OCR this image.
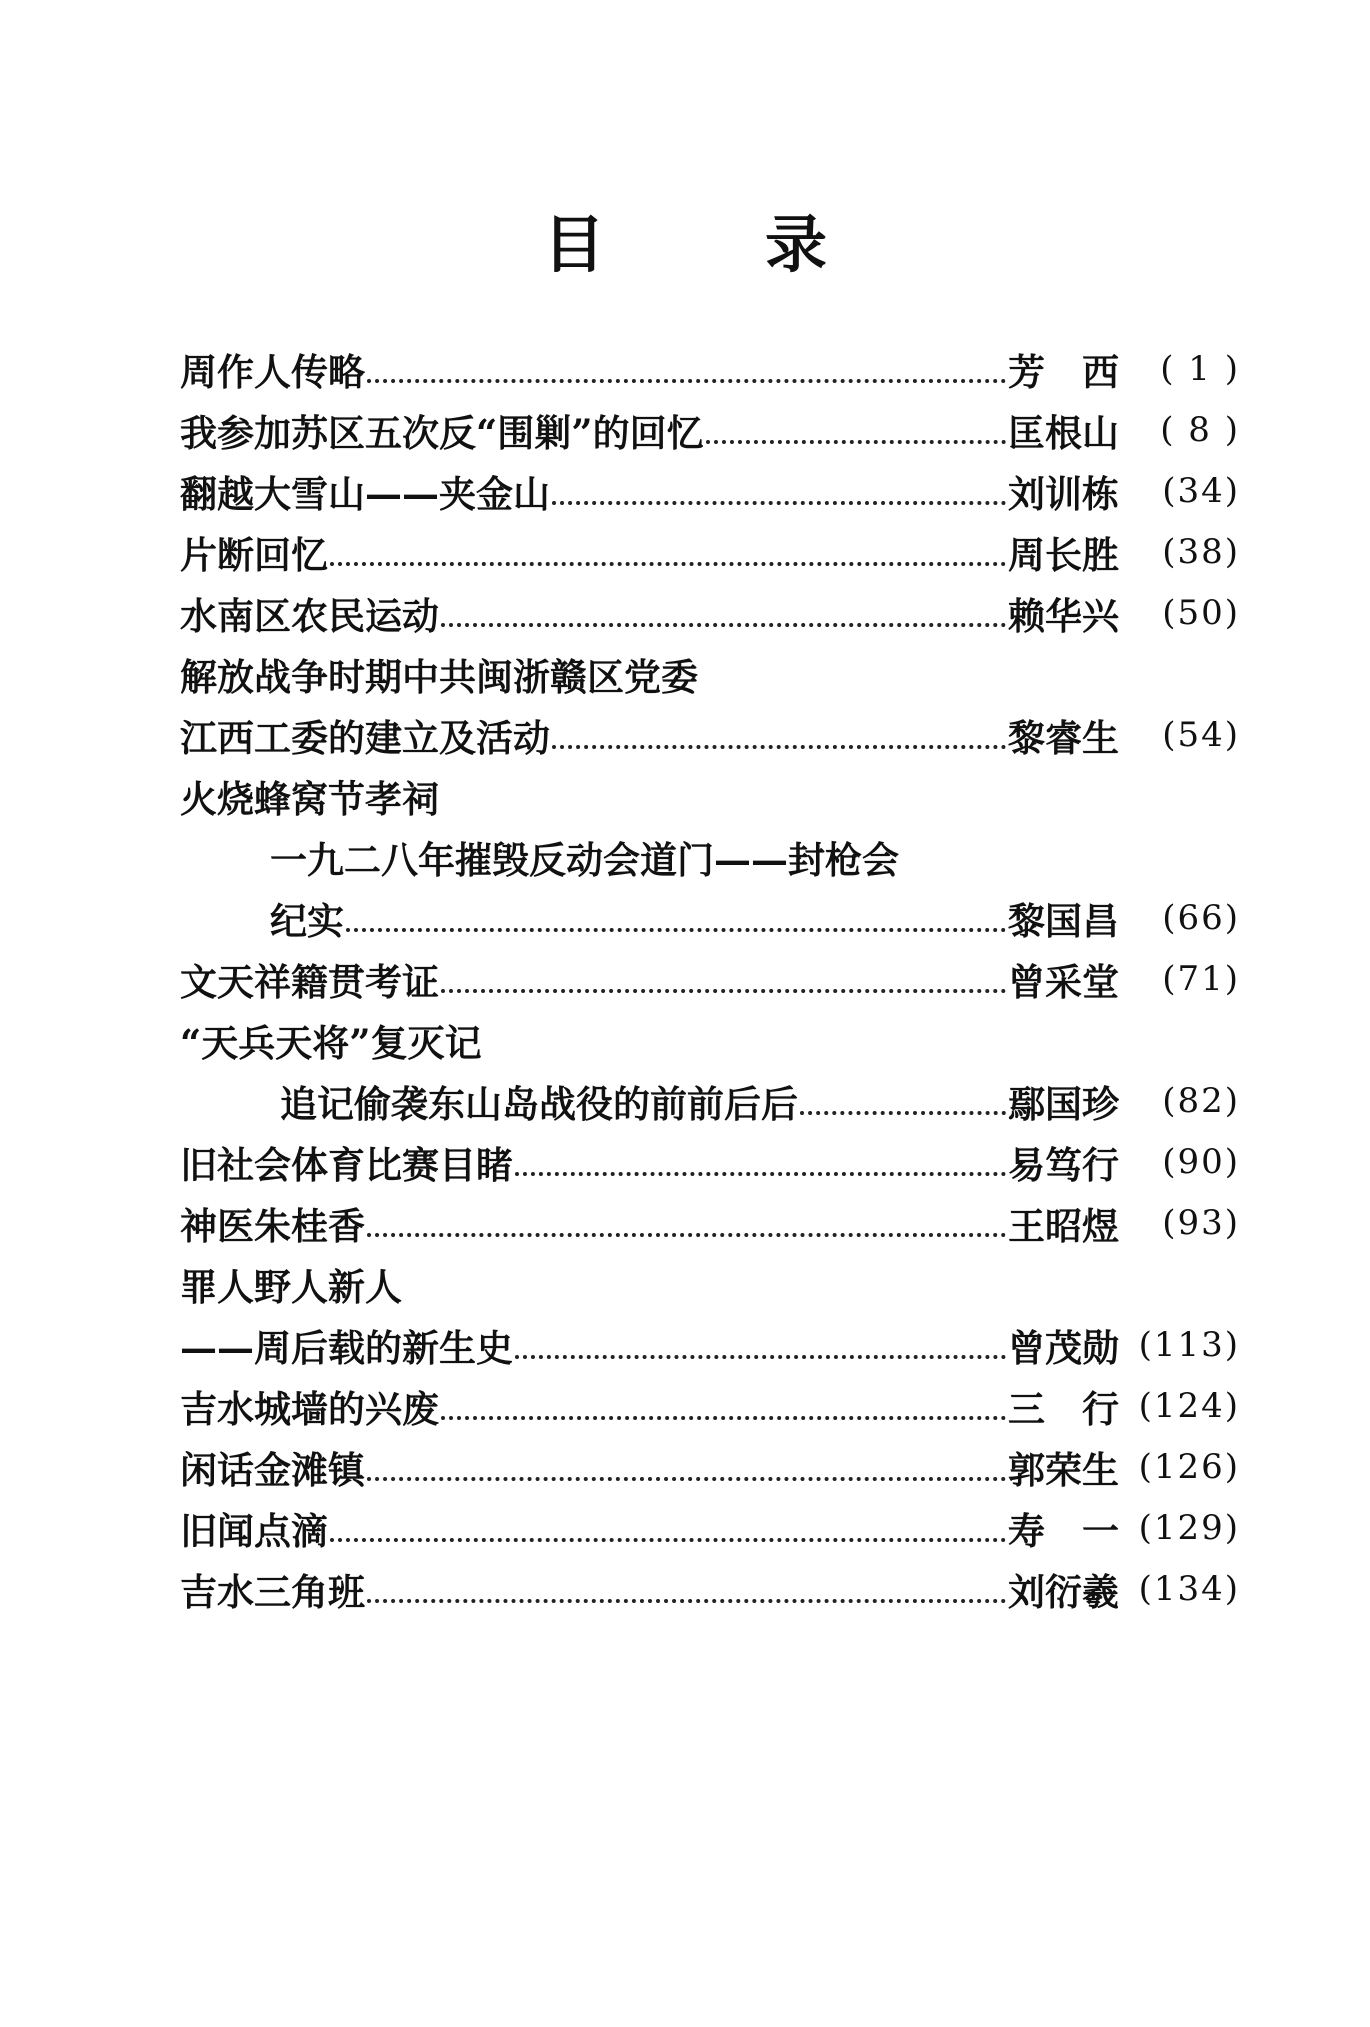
目	录
周作人传略	芳　西	( 1 )
我参加苏区五次反“围剿”的回忆	匡根山	( 8 )
翻越大雪山——夹金山	刘训栋	(34)
片断回忆	周长胜	(38)
水南区农民运动	赖华兴	(50)
解放战争时期中共闽浙赣区党委
江西工委的建立及活动	黎睿生	(54)
火烧蜂窝节孝祠
一九二八年摧毁反动会道门——封枪会
纪实	黎国昌	(66)
文天祥籍贯考证	曾采堂	(71)
“天兵天将”复灭记
追记偷袭东山岛战役的前前后后	鄢国珍	(82)
旧社会体育比赛目睹	易笃行	(90)
神医朱桂香	王昭煜	(93)
罪人野人新人
——周后载的新生史	曾茂勋 (113)
吉水城墙的兴废	三　行 (124)
闲话金滩镇	郭荣生 (126)
旧闻点滴	寿　一 (129)
吉水三角班	刘衍羲 (134)
